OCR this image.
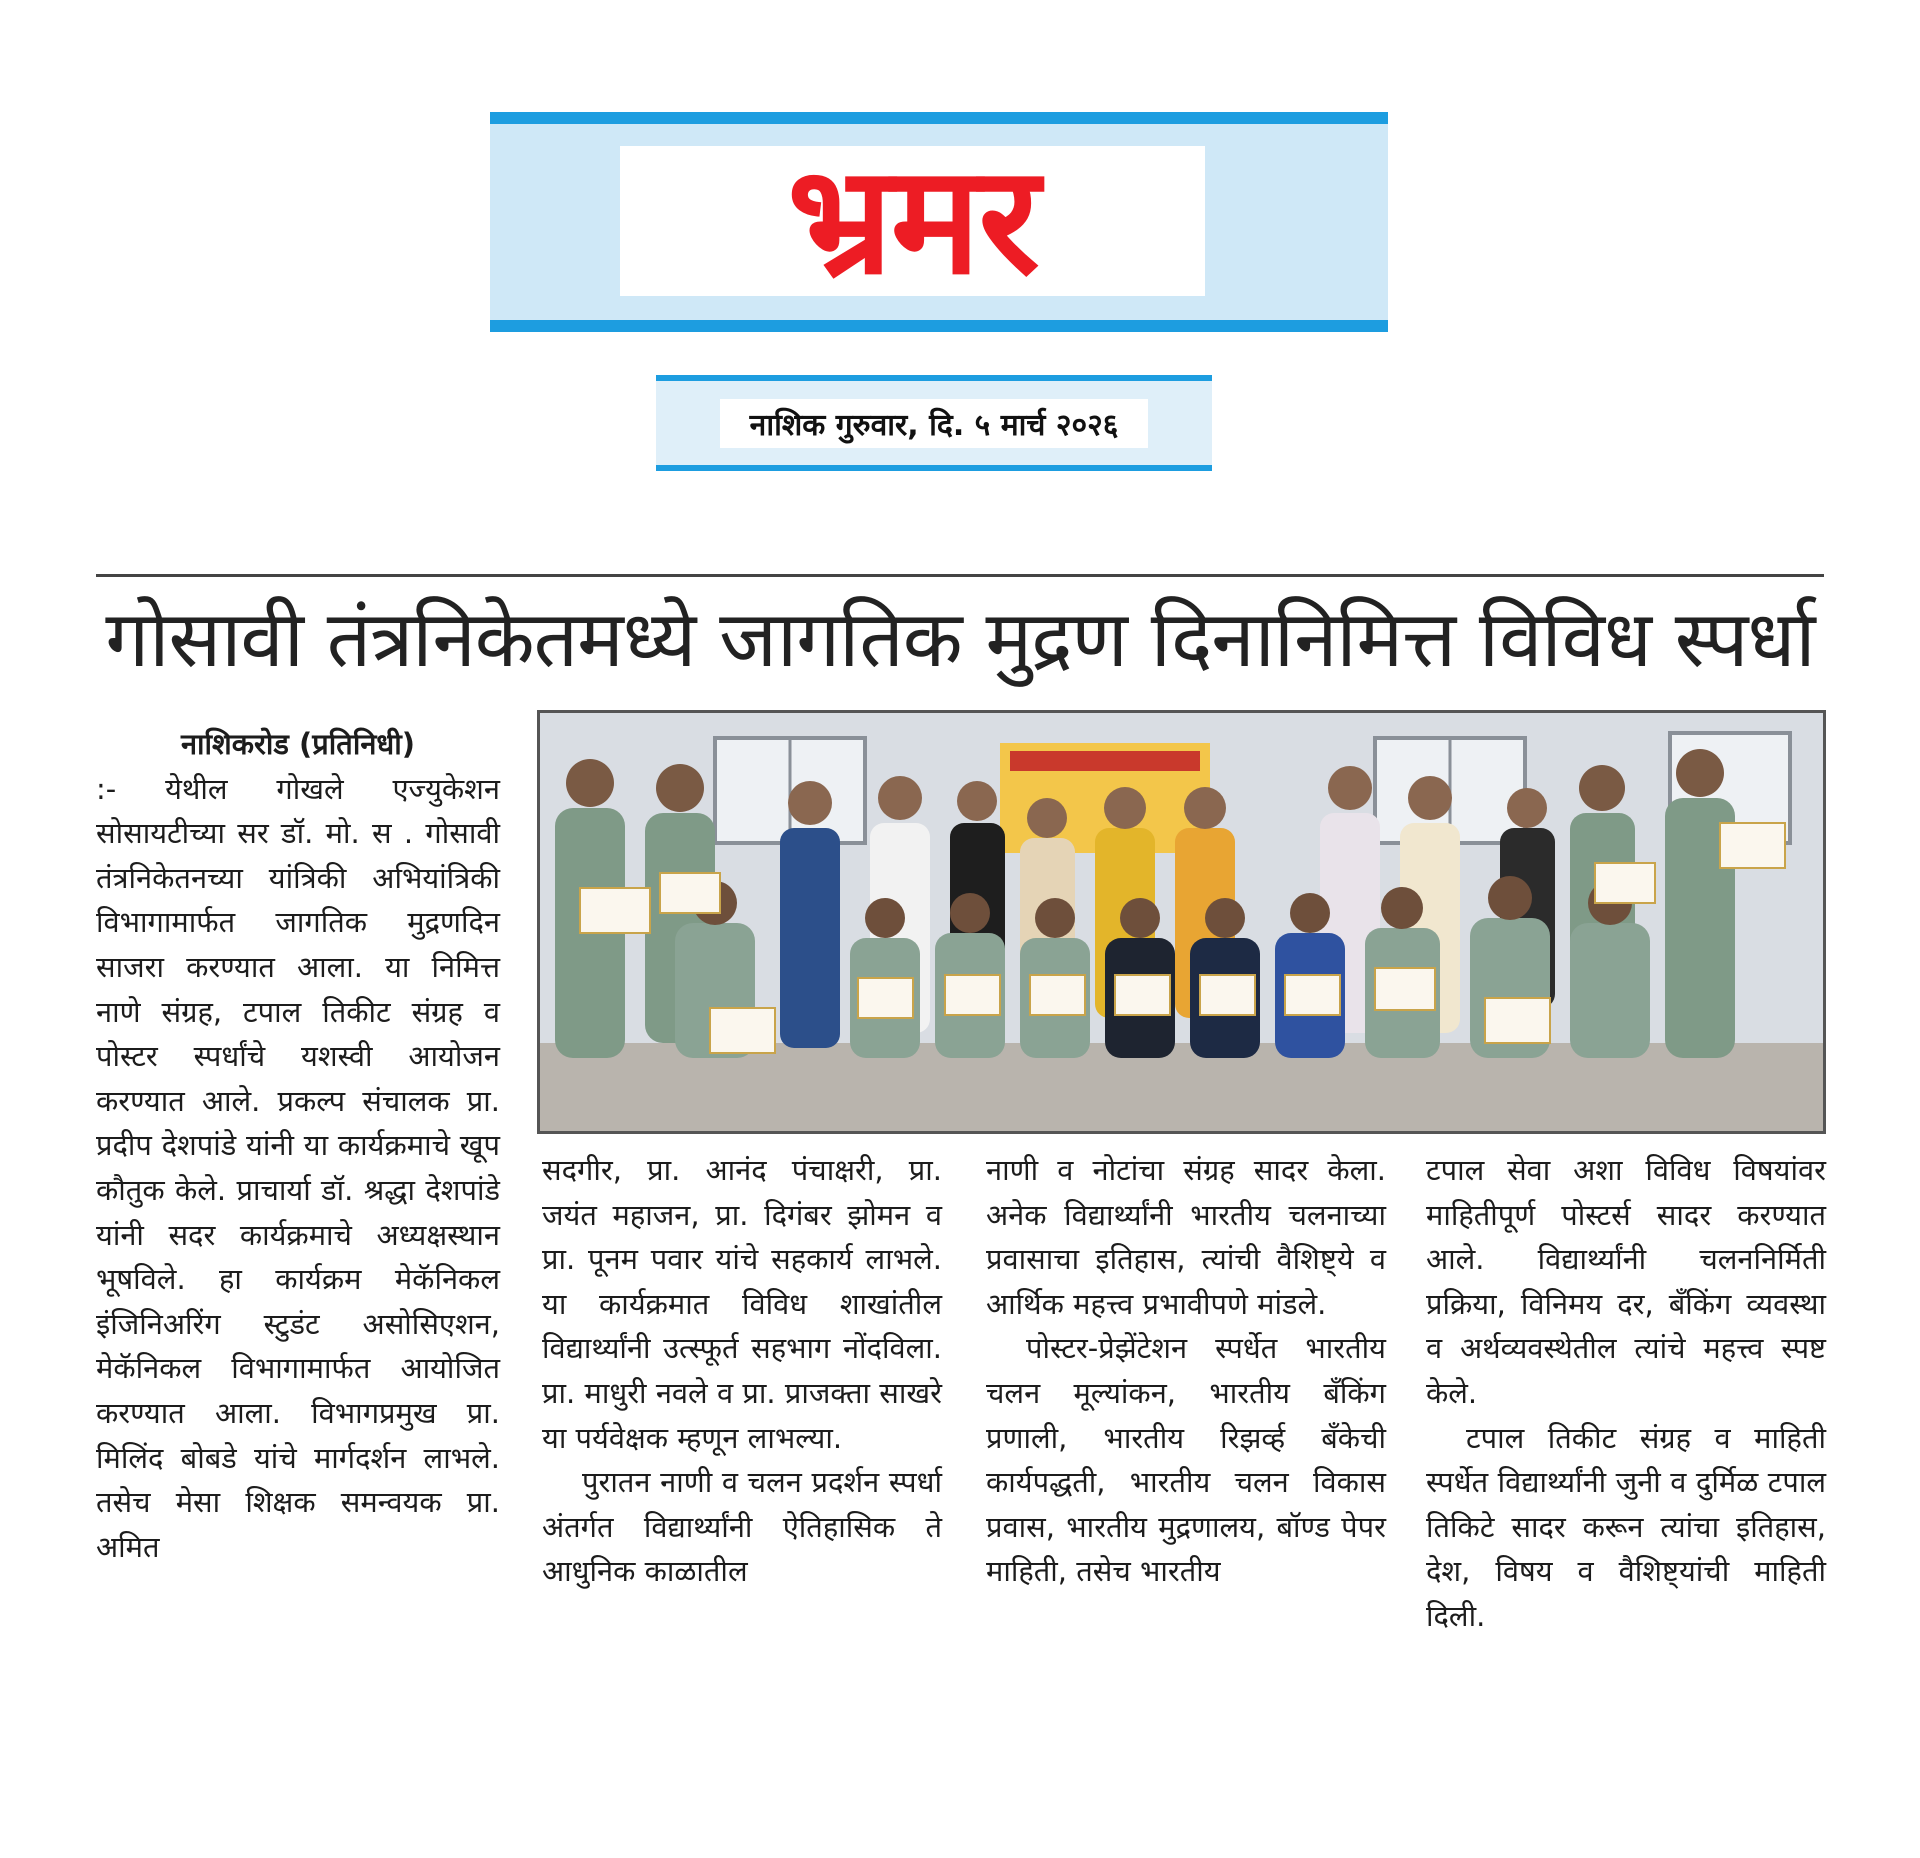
भ्रमर
नाशिक गुरुवार, दि. ५ मार्च २०२६
गोसावी तंत्रनिकेतमध्ये जागतिक मुद्रण दिनानिमित्त विविध स्पर्धा

नाशिकरोड (प्रतिनिधी)

:- येथील गोखले एज्युकेशन सोसायटीच्या सर डॉ. मो. स . गोसावी तंत्रनिकेतनच्या यांत्रिकी अभियांत्रिकी विभागामार्फत जागतिक मुद्रणदिन साजरा करण्यात आला. या निमित्त नाणे संग्रह, टपाल तिकीट संग्रह व पोस्टर स्पर्धांचे यशस्वी आयोजन करण्यात आले. प्रकल्प संचालक प्रा. प्रदीप देशपांडे यांनी या कार्यक्रमाचे खूप कौतुक केले. प्राचार्या डॉ. श्रद्धा देशपांडे यांनी सदर कार्यक्रमाचे अध्यक्षस्थान भूषविले. हा कार्यक्रम मेकॅनिकल इंजिनिअरिंग स्टुडंट असोसिएशन, मेकॅनिकल विभागामार्फत आयोजित करण्यात आला. विभागप्रमुख प्रा. मिलिंद बोबडे यांचे मार्गदर्शन लाभले. तसेच मेसा शिक्षक समन्वयक प्रा. अमित

सदगीर, प्रा. आनंद पंचाक्षरी, प्रा. जयंत महाजन, प्रा. दिगंबर झोमन व प्रा. पूनम पवार यांचे सहकार्य लाभले. या कार्यक्रमात विविध शाखांतील विद्यार्थ्यांनी उत्स्फूर्त सहभाग नोंदविला. प्रा. माधुरी नवले व प्रा. प्राजक्ता साखरे या पर्यवेक्षक म्हणून लाभल्या.

पुरातन नाणी व चलन प्रदर्शन स्पर्धा अंतर्गत विद्यार्थ्यांनी ऐतिहासिक ते आधुनिक काळातील

नाणी व नोटांचा संग्रह सादर केला. अनेक विद्यार्थ्यांनी भारतीय चलनाच्या प्रवासाचा इतिहास, त्यांची वैशिष्ट्ये व आर्थिक महत्त्व प्रभावीपणे मांडले.

पोस्टर-प्रेझेंटेशन स्पर्धेत भारतीय चलन मूल्यांकन, भारतीय बँकिंग प्रणाली, भारतीय रिझर्व्ह बँकेची कार्यपद्धती, भारतीय चलन विकास प्रवास, भारतीय मुद्रणालय, बॉण्ड पेपर माहिती, तसेच भारतीय

टपाल सेवा अशा विविध विषयांवर माहितीपूर्ण पोस्टर्स सादर करण्यात आले. विद्यार्थ्यांनी चलननिर्मिती प्रक्रिया, विनिमय दर, बँकिंग व्यवस्था व अर्थव्यवस्थेतील त्यांचे महत्त्व स्पष्ट केले.

टपाल तिकीट संग्रह व माहिती स्पर्धेत विद्यार्थ्यांनी जुनी व दुर्मिळ टपाल तिकिटे सादर करून त्यांचा इतिहास, देश, विषय व वैशिष्ट्यांची माहिती दिली.
